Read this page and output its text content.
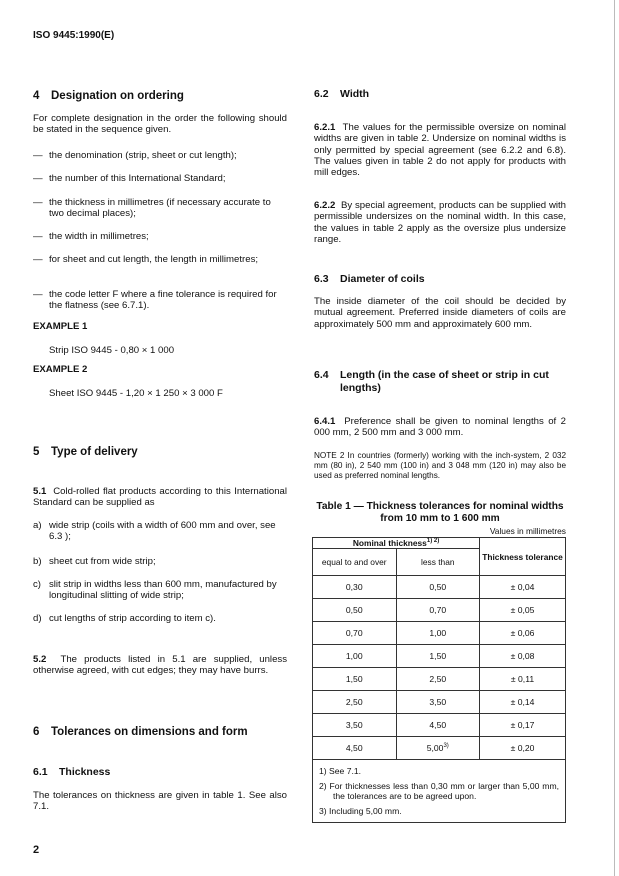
ISO 9445:1990(E)
4 Designation on ordering

For complete designation in the order the following should be stated in the sequence given.

— the denomination (strip, sheet or cut length);
— the number of this International Standard;
— the thickness in millimetres (if necessary accurate to two decimal places);
— the width in millimetres;
— for sheet and cut length, the length in millimetres;
— the code letter F where a fine tolerance is required for the flatness (see 6.7.1).
EXAMPLE 1
Strip ISO 9445 - 0,80 × 1 000
EXAMPLE 2
Sheet ISO 9445 - 1,20 × 1 250 × 3 000 F
5 Type of delivery

5.1 Cold-rolled flat products according to this International Standard can be supplied as

a) wide strip (coils with a width of 600 mm and over, see 6.3 );
b) sheet cut from wide strip;
c) slit strip in widths less than 600 mm, manufactured by longitudinal slitting of wide strip;
d) cut lengths of strip according to item c).

5.2 The products listed in 5.1 are supplied, unless otherwise agreed, with cut edges; they may have burrs.

6 Tolerances on dimensions and form
6.1 Thickness

The tolerances on thickness are given in table 1. See also 7.1.

2
6.2 Width

6.2.1 The values for the permissible oversize on nominal widths are given in table 2. Undersize on nominal widths is only permitted by special agreement (see 6.2.2 and 6.8). The values given in table 2 do not apply for products with mill edges.

6.2.2 By special agreement, products can be supplied with permissible undersizes on the nominal width. In this case, the values in table 2 apply as the oversize plus undersize range.

6.3 Diameter of coils

The inside diameter of the coil should be decided by mutual agreement. Preferred inside diameters of coils are approximately 500 mm and approximately 600 mm.

6.4	Length (in the case of sheet or strip in cut lengths)

6.4.1 Preference shall be given to nominal lengths of 2 000 mm, 2 500 mm and 3 000 mm.

NOTE 2 In countries (formerly) working with the inch-system, 2 032 mm (80 in), 2 540 mm (100 in) and 3 048 mm (120 in) may also be used as preferred nominal lengths.

Table 1 — Thickness tolerances for nominal widths
from 10 mm to 1 600 mm
Values in millimetres
Nominal thickness$^{1) 2)}$		Thickness tolerance
equal to and over	less than	
0,30	0,50	± 0,04
0,50	0,70	± 0,05
0,70	1,00	± 0,06
1,00	1,50	± 0,08
1,50	2,50	± 0,11
2,50	3,50	± 0,14
3,50	4,50	± 0,17
4,50	$5,00^{3)}$	± 0,20

1) See 7.1.
2) For thicknesses less than 0,30 mm or larger than 5,00 mm, the tolerances are to be agreed upon.
3) Including 5,00 mm.		
